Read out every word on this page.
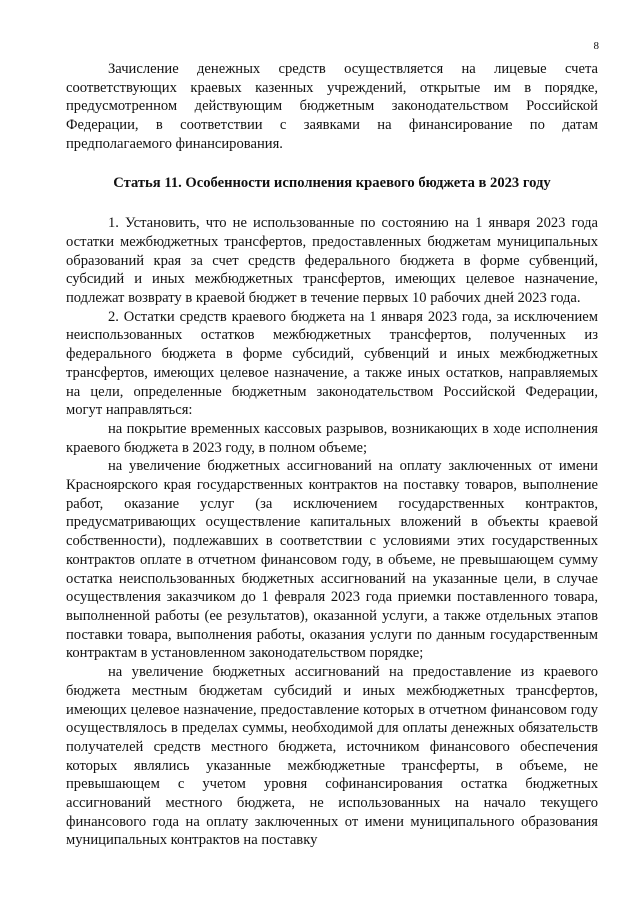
8

Зачисление денежных средств осуществляется на лицевые счета соответствующих краевых казенных учреждений, открытые им в порядке, предусмотренном действующим бюджетным законодательством Российской Федерации, в соответствии с заявками на финансирование по датам предполагаемого финансирования.

Статья 11. Особенности исполнения краевого бюджета в 2023 году

1. Установить, что не использованные по состоянию на 1 января 2023 года остатки межбюджетных трансфертов, предоставленных бюджетам муниципальных образований края за счет средств федерального бюджета в форме субвенций, субсидий и иных межбюджетных трансфертов, имеющих целевое назначение, подлежат возврату в краевой бюджет в течение первых 10 рабочих дней 2023 года.

2. Остатки средств краевого бюджета на 1 января 2023 года, за исключением неиспользованных остатков межбюджетных трансфертов, полученных из федерального бюджета в форме субсидий, субвенций и иных межбюджетных трансфертов, имеющих целевое назначение, а также иных остатков, направляемых на цели, определенные бюджетным законодательством Российской Федерации, могут направляться:

на покрытие временных кассовых разрывов, возникающих в ходе исполнения краевого бюджета в 2023 году, в полном объеме;

на увеличение бюджетных ассигнований на оплату заключенных от имени Красноярского края государственных контрактов на поставку товаров, выполнение работ, оказание услуг (за исключением государственных контрактов, предусматривающих осуществление капитальных вложений в объекты краевой собственности), подлежавших в соответствии с условиями этих государственных контрактов оплате в отчетном финансовом году, в объеме, не превышающем сумму остатка неиспользованных бюджетных ассигнований на указанные цели, в случае осуществления заказчиком до 1 февраля 2023 года приемки поставленного товара, выполненной работы (ее результатов), оказанной услуги, а также отдельных этапов поставки товара, выполнения работы, оказания услуги по данным государственным контрактам в установленном законодательством порядке;

на увеличение бюджетных ассигнований на предоставление из краевого бюджета местным бюджетам субсидий и иных межбюджетных трансфертов, имеющих целевое назначение, предоставление которых в отчетном финансовом году осуществлялось в пределах суммы, необходимой для оплаты денежных обязательств получателей средств местного бюджета, источником финансового обеспечения которых являлись указанные межбюджетные трансферты, в объеме, не превышающем с учетом уровня софинансирования остатка бюджетных ассигнований местного бюджета, не использованных на начало текущего финансового года на оплату заключенных от имени муниципального образования муниципальных контрактов на поставку
